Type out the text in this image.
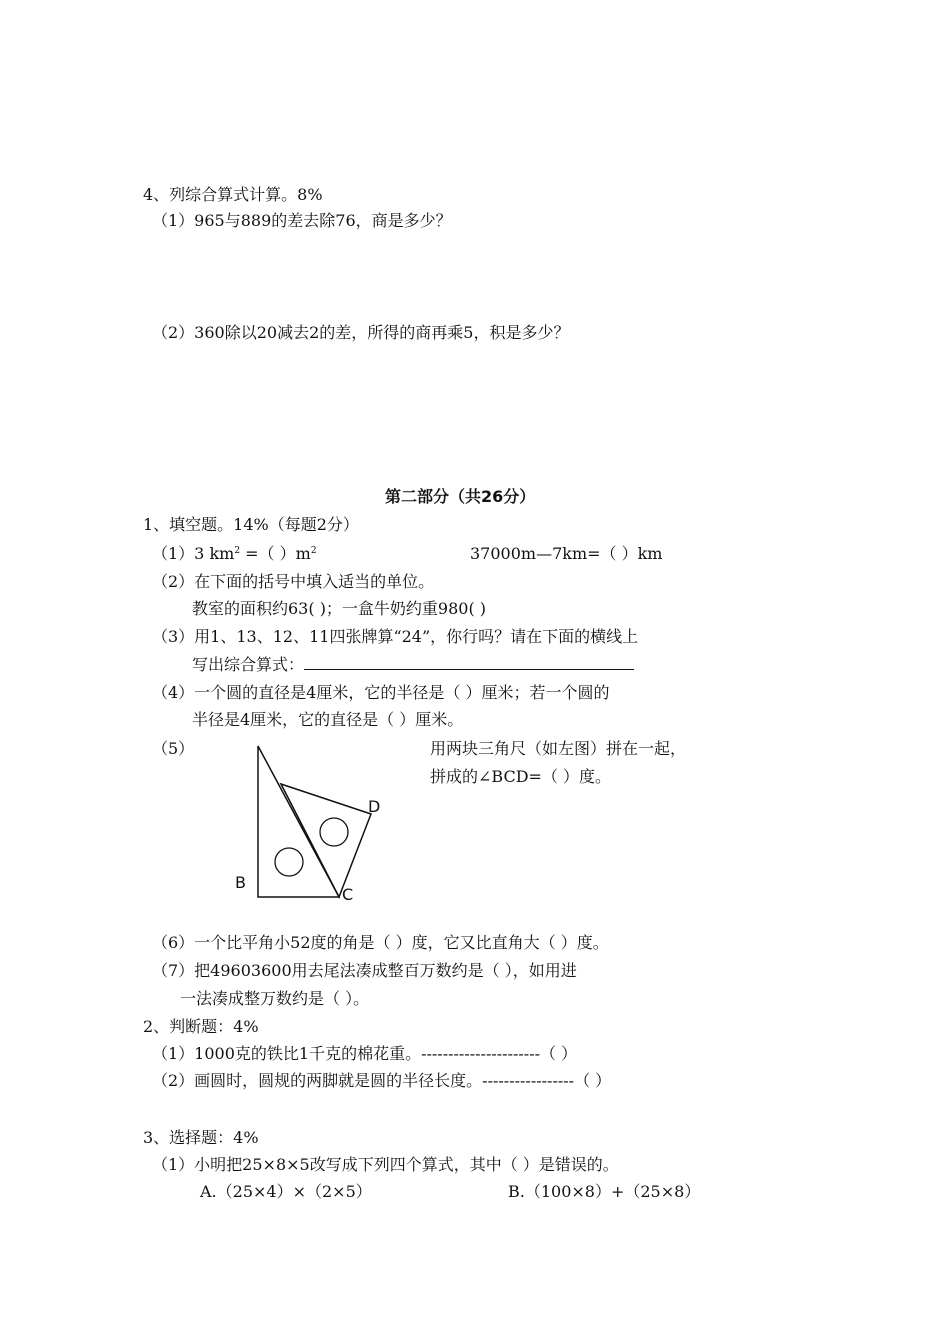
4、列综合算式计算。8%
（1）965与889的差去除76，商是多少？
（2）360除以20减去2的差，所得的商再乘5，积是多少？
第二部分（共26分）
1、填空题。14%（每题2分）
（1）3 $km^2$ =（ ）$m^2$	37000m—7km=（ ）km
（2）在下面的括号中填入适当的单位。
教室的面积约63( )；一盒牛奶约重980( )
（3）用1、13、12、11四张牌算“24”，你行吗？请在下面的横线上
写出综合算式：
（4）一个圆的直径是4厘米，它的半径是（ ）厘米；若一个圆的
半径是4厘米，它的直径是（ ）厘米。
（5）	用两块三角尺（如左图）拼在一起，
拼成的∠BCD=（ ）度。
B
C
D
（6）一个比平角小52度的角是（ ）度，它又比直角大（ ）度。
（7）把49603600用去尾法凑成整百万数约是（ ），如用进
一法凑成整万数约是（ ）。
2、判断题：4%
（1）1000克的铁比1千克的棉花重。----------------------（ ）
（2）画圆时，圆规的两脚就是圆的半径长度。-----------------（ ）
3、选择题：4%
（1）小明把25×8×5改写成下列四个算式，其中（ ）是错误的。
A.（25×4）×（2×5）	B.（100×8）+（25×8）
